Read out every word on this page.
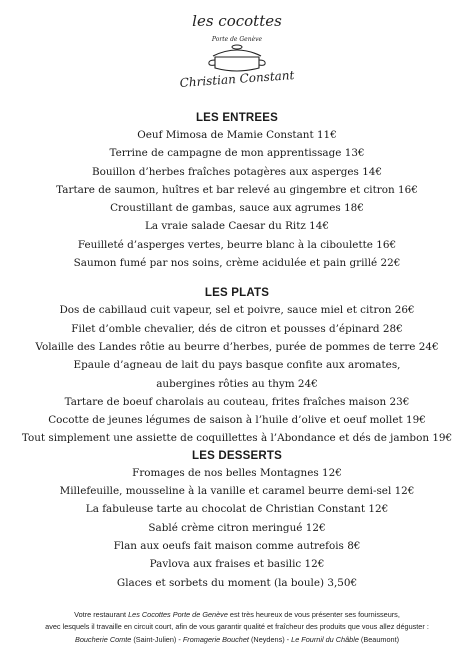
les cocottes
Porte de Genève
Christian Constant

LES ENTREES

Oeuf Mimosa de Mamie Constant 11€

Terrine de campagne de mon apprentissage 13€

Bouillon d’herbes fraîches potagères aux asperges 14€

Tartare de saumon, huîtres et bar relevé au gingembre et citron 16€

Croustillant de gambas, sauce aux agrumes 18€

La vraie salade Caesar du Ritz 14€

Feuilleté d’asperges vertes, beurre blanc à la ciboulette 16€

Saumon fumé par nos soins, crème acidulée et pain grillé 22€

LES PLATS

Dos de cabillaud cuit vapeur, sel et poivre, sauce miel et citron 26€

Filet d’omble chevalier, dés de citron et pousses d’épinard 28€

Volaille des Landes rôtie au beurre d’herbes, purée de pommes de terre 24€

Epaule d’agneau de lait du pays basque confite aux aromates,

aubergines rôties au thym 24€

Tartare de boeuf charolais au couteau, frites fraîches maison 23€

Cocotte de jeunes légumes de saison à l’huile d’olive et oeuf mollet 19€

Tout simplement une assiette de coquillettes à l’Abondance et dés de jambon 19€

LES DESSERTS

Fromages de nos belles Montagnes 12€

Millefeuille, mousseline à la vanille et caramel beurre demi-sel 12€

La fabuleuse tarte au chocolat de Christian Constant 12€

Sablé crème citron meringué 12€

Flan aux oeufs fait maison comme autrefois 8€

Pavlova aux fraises et basilic 12€

Glaces et sorbets du moment (la boule) 3,50€

Votre restaurant Les Cocottes Porte de Genève est très heureux de vous présenter ses fournisseurs,

avec lesquels il travaille en circuit court, afin de vous garantir qualité et fraîcheur des produits que vous allez déguster :

Boucherie Comte (Saint-Julien) - Fromagerie Bouchet (Neydens) - Le Fournil du Châble (Beaumont)
